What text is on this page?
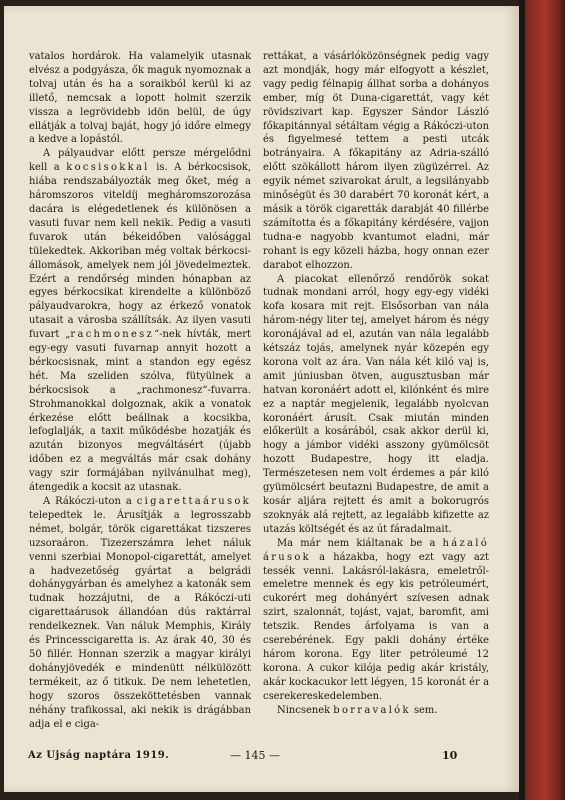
vatalos hordárok. Ha valamelyik utasnak elvész a podgyásza, ők maguk nyomoznak a tolvaj után és ha a soraikból kerül ki az illető, nemcsak a lopott holmit szerzik vissza a legrövidebb idön belül, de úgy ellátják a tolvaj baját, hogy jó időre elmegy a kedve a lopástól.

A pályaudvar előtt persze mérgelődni kell a kocsisokkal is. A bérkocsisok, hiába rendszabályozták meg őket, még a háromszoros viteldíj megháromszorozása dacára is elégedetlenek és különösen a vasuti fuvar nem kell nekik. Pedig a vasuti fuvarok után békeidőben valósággal tülekedtek. Akkoriban még voltak bérkocsi-állomások, amelyek nem jól jövedelmeztek. Ezért a rendőrség minden hónapban az egyes bérkocsikat kirendelte a különböző pályaudvarokra, hogy az érkező vonatok utasait a városba szállítsák. Az ilyen vasuti fuvart „rachmonesz“-nek hívták, mert egy-egy vasuti fuvarnap annyit hozott a bérkocsisnak, mint a standon egy egész hét. Ma szeliden szólva, fütyülnek a bérkocsisok a „rachmonesz“-fuvarra. Strohmanokkal dolgoznak, akik a vonatok érkezése előtt beállnak a kocsikba, lefoglalják, a taxit működésbe hozatják és azután bizonyos megváltásért (újabb időben ez a megváltás már csak dohány vagy szir formájában nyilvánulhat meg), átengedik a kocsit az utasnak.

A Rákóczi-uton a cigarettaárusok telepedtek le. Árusítják a legrosszabb német, bolgár, török cigarettákat tizszeres uzsoraáron. Tizezerszámra lehet náluk venni szerbiai Monopol-cigarettát, amelyet a hadvezetőség gyártat a belgrádi dohánygyárban és amelyhez a katonák sem tudnak hozzájutni, de a Rákóczi-uti cigarettaárusok állandóan dús raktárral rendelkeznek. Van náluk Memphis, Király és Princesscigaretta is. Az árak 40, 30 és 50 fillér. Honnan szerzik a magyar királyi dohányjövedék e mindenütt nélkülözött termékeit, az ő titkuk. De nem lehetetlen, hogy szoros összeköttetésben vannak néhány trafikossal, aki nekik is drágábban adja el e ciga-

rettákat, a vásárlóközönségnek pedig vagy azt mondják, hogy már elfogyott a készlet, vagy pedig félnapig állhat sorba a dohányos ember, míg öt Duna-cigarettát, vagy két rövidszivart kap. Egyszer Sándor László főkapitánnyal sétáltam végig a Rákóczi-uton és figyelmesé tettem a pesti utcák botrányaira. A főkapitány az Adria-szálló előtt szökállott három ilyen zügüzérrel. Az egyik német szivarokat árult, a legsilányabb minőségüt és 30 darabért 70 koronát kért, a másik a török cigaretták darabját 40 fillérbe számította és a főkapitány kérdésére, vajjon tudna-e nagyobb kvantumot eladni, már rohant is egy közeli házba, hogy onnan ezer darabot elhozzon.

A piacokat ellenőrző rendőrök sokat tudnak mondani arról, hogy egy-egy vidéki kofa kosara mit rejt. Elsősorban van nála három-négy liter tej, amelyet három és négy koronájával ad el, azután van nála legalább kétszáz tojás, amelynek nyár közepén egy korona volt az ára. Van nála két kiló vaj is, amit júniusban ötven, augusztusban már hatvan koronáért adott el, kilónként és mire ez a naptár megjelenik, legalább nyolcvan koronáért árusít. Csak miután minden előkerült a kosárából, csak akkor derül ki, hogy a jámbor vidéki asszony gyümölcsöt hozott Budapestre, hogy itt eladja. Természetesen nem volt érdemes a pár kiló gyümölcsért beutazni Budapestre, de amit a kosár aljára rejtett és amit a bokorugrós szoknyák alá rejtett, az legalább kifizette az utazás költségét és az út fáradalmait.

Ma már nem kiáltanak be a házaló árusok a házakba, hogy ezt vagy azt tessék venni. Lakásról-lakásra, emeletről-emeletre mennek és egy kis petróleumért, cukorért meg dohányért szívesen adnak szirt, szalonnát, tojást, vajat, baromfit, ami tetszik. Rendes árfolyama is van a cserebérének. Egy pakli dohány értéke három korona. Egy liter petróleumé 12 korona. A cukor kilója pedig akár kristály, akár kockacukor lett légyen, 15 koronát ér a cserekereskedelemben.

Nincsenek borravalók sem.

Az Ujság naptára 1919.	— 145 —	10
